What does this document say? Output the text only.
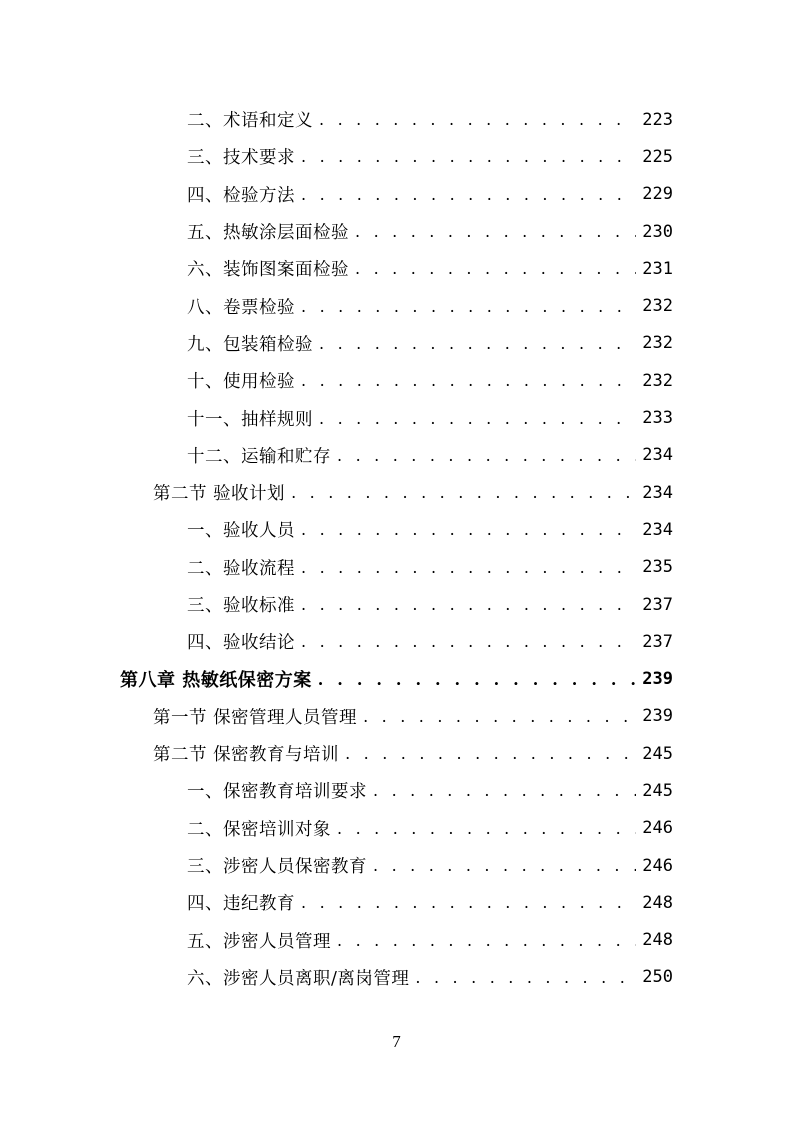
二、术语和定义 . . .	223
三、技术要求 . . .	225
四、检验方法 . . .	229
五、热敏涂层面检验 . . .	230
六、装饰图案面检验 . . .	231
八、卷票检验 . . .	232
九、包装箱检验 . . .	232
十、使用检验 . . .	232
十一、抽样规则 . . .	233
十二、运输和贮存 . . .	234
第二节 验收计划 . . .	234
一、验收人员 . . .	234
二、验收流程 . . .	235
三、验收标准 . . .	237
四、验收结论 . . .	237
第八章 热敏纸保密方案 . . .	239
第一节 保密管理人员管理 . . .	239
第二节 保密教育与培训 . . .	245
一、保密教育培训要求 . . .	245
二、保密培训对象 . . .	246
三、涉密人员保密教育 . . .	246
四、违纪教育 . . .	248
五、涉密人员管理 . . .	248
六、涉密人员离职/离岗管理 . . .	250
7
